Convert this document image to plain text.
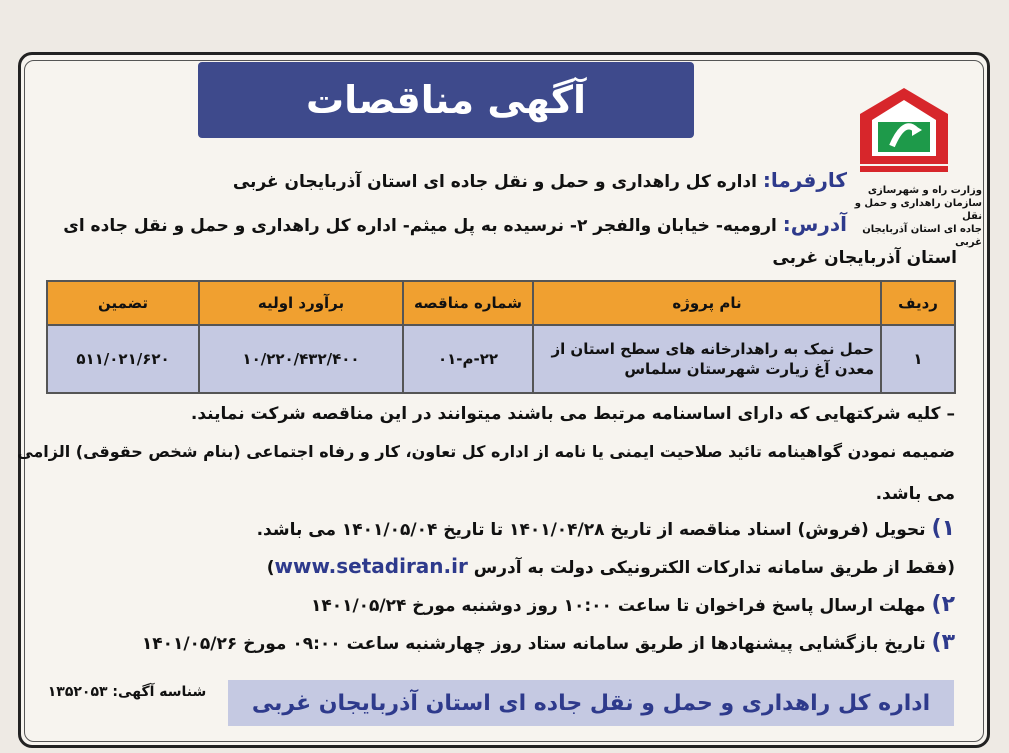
آگهی مناقصات
وزارت راه و شهرسازی
سازمان راهداری و حمل و نقل
جاده ای استان آذربایجان غربی
کارفرما: اداره کل راهداری و حمل و نقل جاده ای استان آذربایجان غربی
آدرس: ارومیه- خیابان والفجر ۲- نرسیده به پل میثم- اداره کل راهداری و حمل و نقل جاده ای
استان آذربایجان غربی
ردیف	نام پروژه	شماره مناقصه	برآورد اولیه	تضمین
۱	حمل نمک به راهدارخانه های سطح استان از
معدن آغ زیارت شهرستان سلماس	۲۲-م-۰۱	۱۰/۲۲۰/۴۳۲/۴۰۰	۵۱۱/۰۲۱/۶۲۰
– کلیه شرکتهایی که دارای اساسنامه مرتبط می باشند میتوانند در این مناقصه شرکت نمایند.
ضمیمه نمودن گواهینامه تائید صلاحیت ایمنی یا نامه از اداره کل تعاون، کار و رفاه اجتماعی (بنام شخص حقوقی) الزامی
می باشد.
۱) تحویل (فروش) اسناد مناقصه از تاریخ ۱۴۰۱/۰۴/۲۸ تا تاریخ ۱۴۰۱/۰۵/۰۴ می باشد.
(فقط از طریق سامانه تدارکات الکترونیکی دولت به آدرس www.setadiran.ir)
۲) مهلت ارسال پاسخ فراخوان تا ساعت ۱۰:۰۰ روز دوشنبه مورخ ۱۴۰۱/۰۵/۲۴
۳) تاریخ بازگشایی پیشنهادها از طریق سامانه ستاد روز چهارشنبه ساعت ۰۹:۰۰ مورخ ۱۴۰۱/۰۵/۲۶
شناسه آگهی: ۱۳۵۲۰۵۳	اداره کل راهداری و حمل و نقل جاده ای استان آذربایجان غربی
